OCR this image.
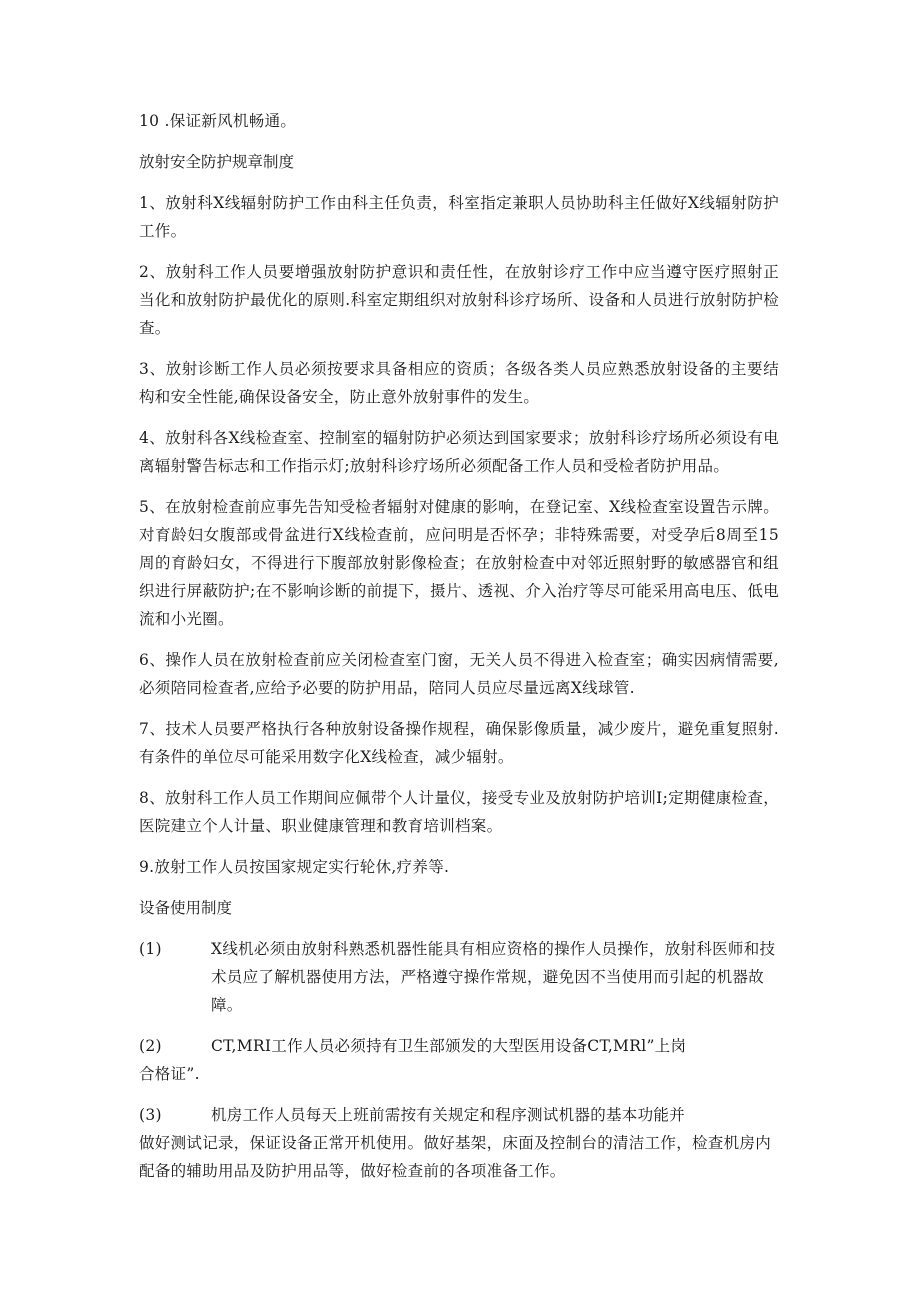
10 .保证新风机畅通。

放射安全防护规章制度

1、放射科X线辐射防护工作由科主任负责，科室指定兼职人员协助科主任做好X线辐射防护工作。

2、放射科工作人员要增强放射防护意识和责任性，在放射诊疗工作中应当遵守医疗照射正当化和放射防护最优化的原则.科室定期组织对放射科诊疗场所、设备和人员进行放射防护检查。

3、放射诊断工作人员必须按要求具备相应的资质；各级各类人员应熟悉放射设备的主要结构和安全性能,确保设备安全，防止意外放射事件的发生。

4、放射科各X线检查室、控制室的辐射防护必须达到国家要求；放射科诊疗场所必须设有电离辐射警告标志和工作指示灯;放射科诊疗场所必须配备工作人员和受检者防护用品。

5、在放射检查前应事先告知受检者辐射对健康的影响，在登记室、X线检查室设置告示牌。对育龄妇女腹部或骨盆进行X线检查前，应问明是否怀孕；非特殊需要，对受孕后8周至15周的育龄妇女，不得进行下腹部放射影像检查；在放射检查中对邻近照射野的敏感器官和组织进行屏蔽防护;在不影响诊断的前提下，摄片、透视、介入治疗等尽可能采用高电压、低电流和小光圈。

6、操作人员在放射检查前应关闭检查室门窗，无关人员不得进入检查室；确实因病情需要,必须陪同检查者,应给予必要的防护用品，陪同人员应尽量远离X线球管.

7、技术人员要严格执行各种放射设备操作规程，确保影像质量，减少废片，避免重复照射.有条件的单位尽可能采用数字化X线检查，减少辐射。

8、放射科工作人员工作期间应佩带个人计量仪，接受专业及放射防护培训I;定期健康检查，医院建立个人计量、职业健康管理和教育培训档案。

9.放射工作人员按国家规定实行轮休,疗养等.

设备使用制度

(1)	X线机必须由放射科熟悉机器性能具有相应资格的操作人员操作，放射科医师和技术员应了解机器使用方法，严格遵守操作常规，避免因不当使用而引起的机器故障。
(2)	CT,MRI工作人员必须持有卫生部颁发的大型医用设备CT,MRl”上岗
合格证”.
(3)	机房工作人员每天上班前需按有关规定和程序测试机器的基本功能并
做好测试记录，保证设备正常开机使用。做好基架，床面及控制台的清洁工作，检查机房内配备的辅助用品及防护用品等，做好检查前的各项准备工作。
